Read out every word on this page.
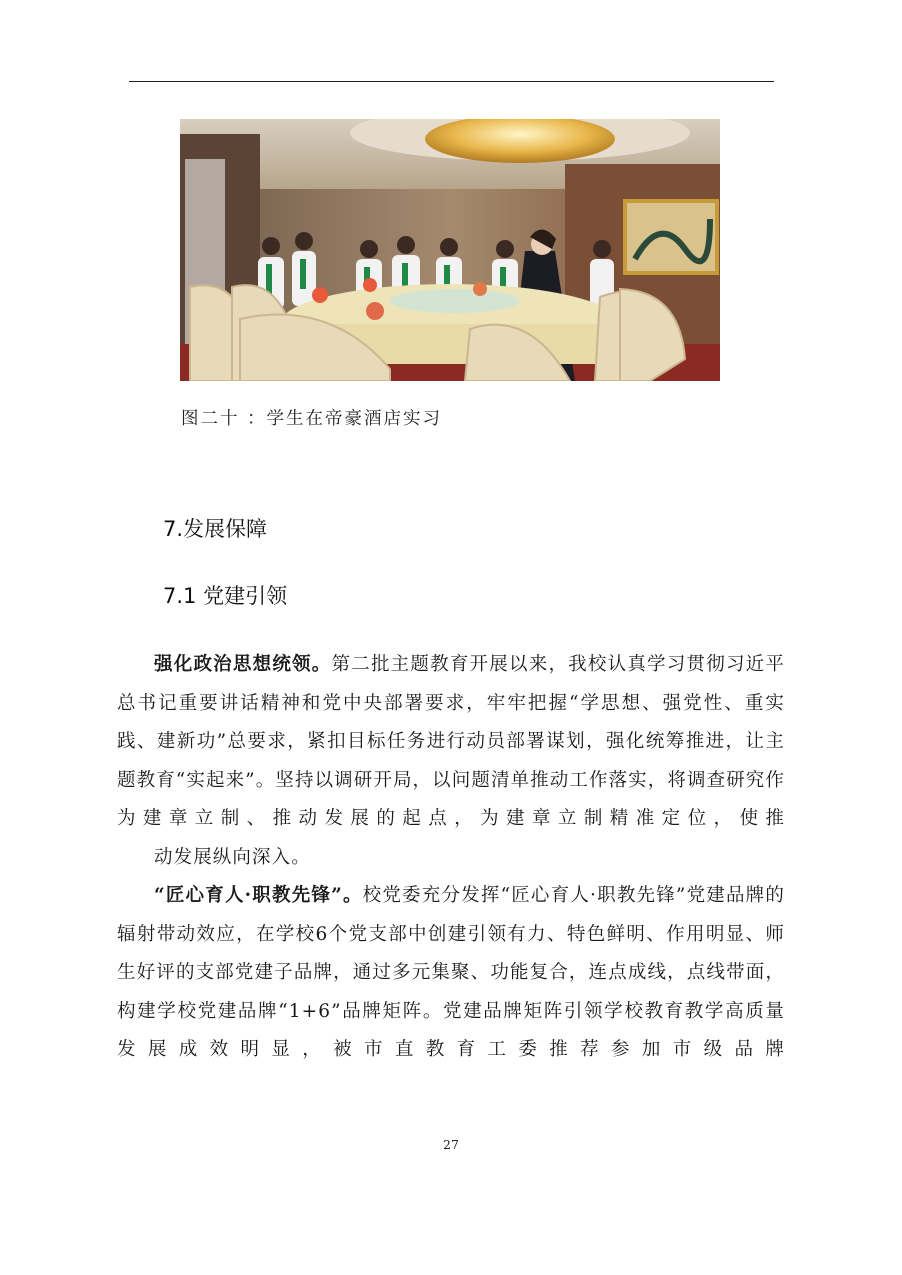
图二十 ：学生在帝豪酒店实习
7.发展保障
7.1 党建引领

强化政治思想统领。第二批主题教育开展以来，我校认真学习贯彻习近平总书记重要讲话精神和党中央部署要求，牢牢把握“学思想、强党性、重实践、建新功”总要求，紧扣目标任务进行动员部署谋划，强化统筹推进，让主题教育“实起来”。坚持以调研开局，以问题清单推动工作落实，将调查研究作为建章立制、推动发展的起点，为建章立制精准定位，使推
动发展纵向深入。

“匠心育人·职教先锋”。校党委充分发挥“匠心育人·职教先锋”党建品牌的辐射带动效应，在学校6个党支部中创建引领有力、特色鲜明、作用明显、师生好评的支部党建子品牌，通过多元集聚、功能复合，连点成线，点线带面，构建学校党建品牌“1+6”品牌矩阵。党建品牌矩阵引领学校教育教学高质量发展成效明显，被市直教育工委推荐参加市级品牌

27
